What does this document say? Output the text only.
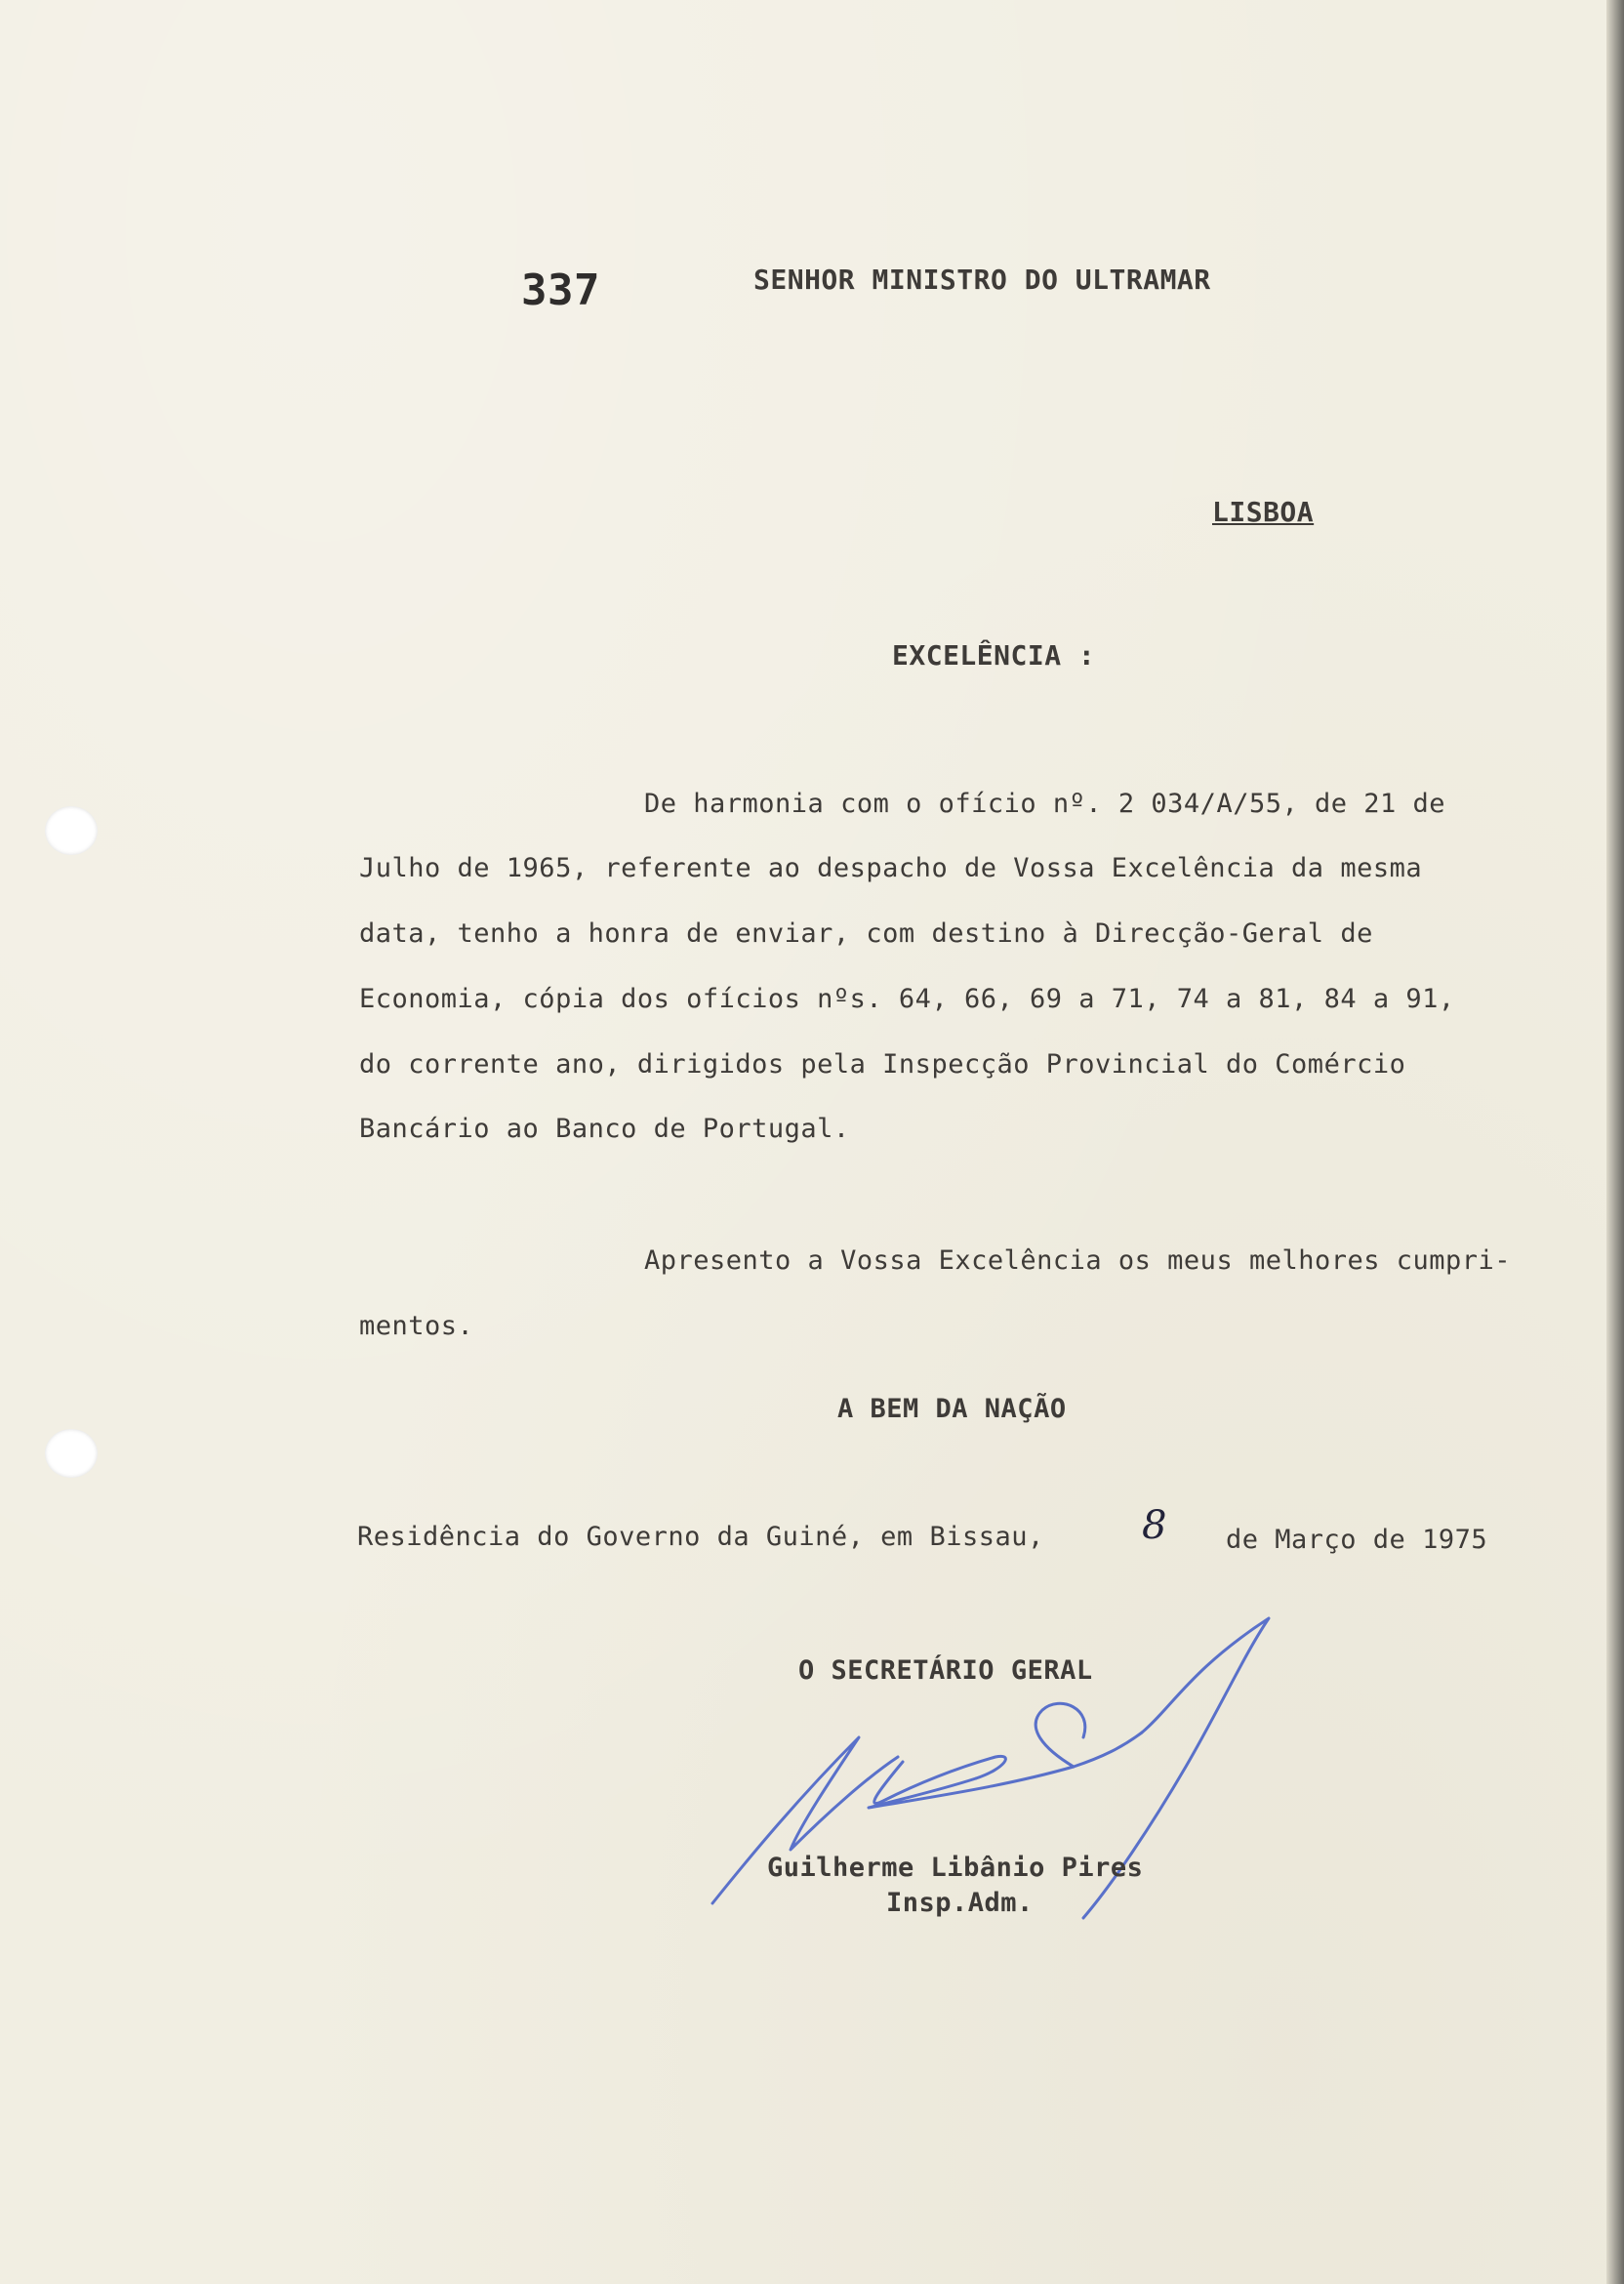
337	SENHOR MINISTRO DO ULTRAMAR
LISBOA
EXCELÊNCIA :
De harmonia com o ofício nº. 2 034/A/55, de 21 de
Julho de 1965, referente ao despacho de Vossa Excelência da mesma
data, tenho a honra de enviar, com destino à Direcção-Geral de
Economia, cópia dos ofícios nºs. 64, 66, 69 a 71, 74 a 81, 84 a 91,
do corrente ano, dirigidos pela Inspecção Provincial do Comércio
Bancário ao Banco de Portugal.
Apresento a Vossa Excelência os meus melhores cumpri-
mentos.
A BEM DA NAÇÃO
Residência do Governo da Guiné, em Bissau,	8 de Março de 1975
O SECRETÁRIO GERAL
Guilherme Libânio Pires
Insp.Adm.
